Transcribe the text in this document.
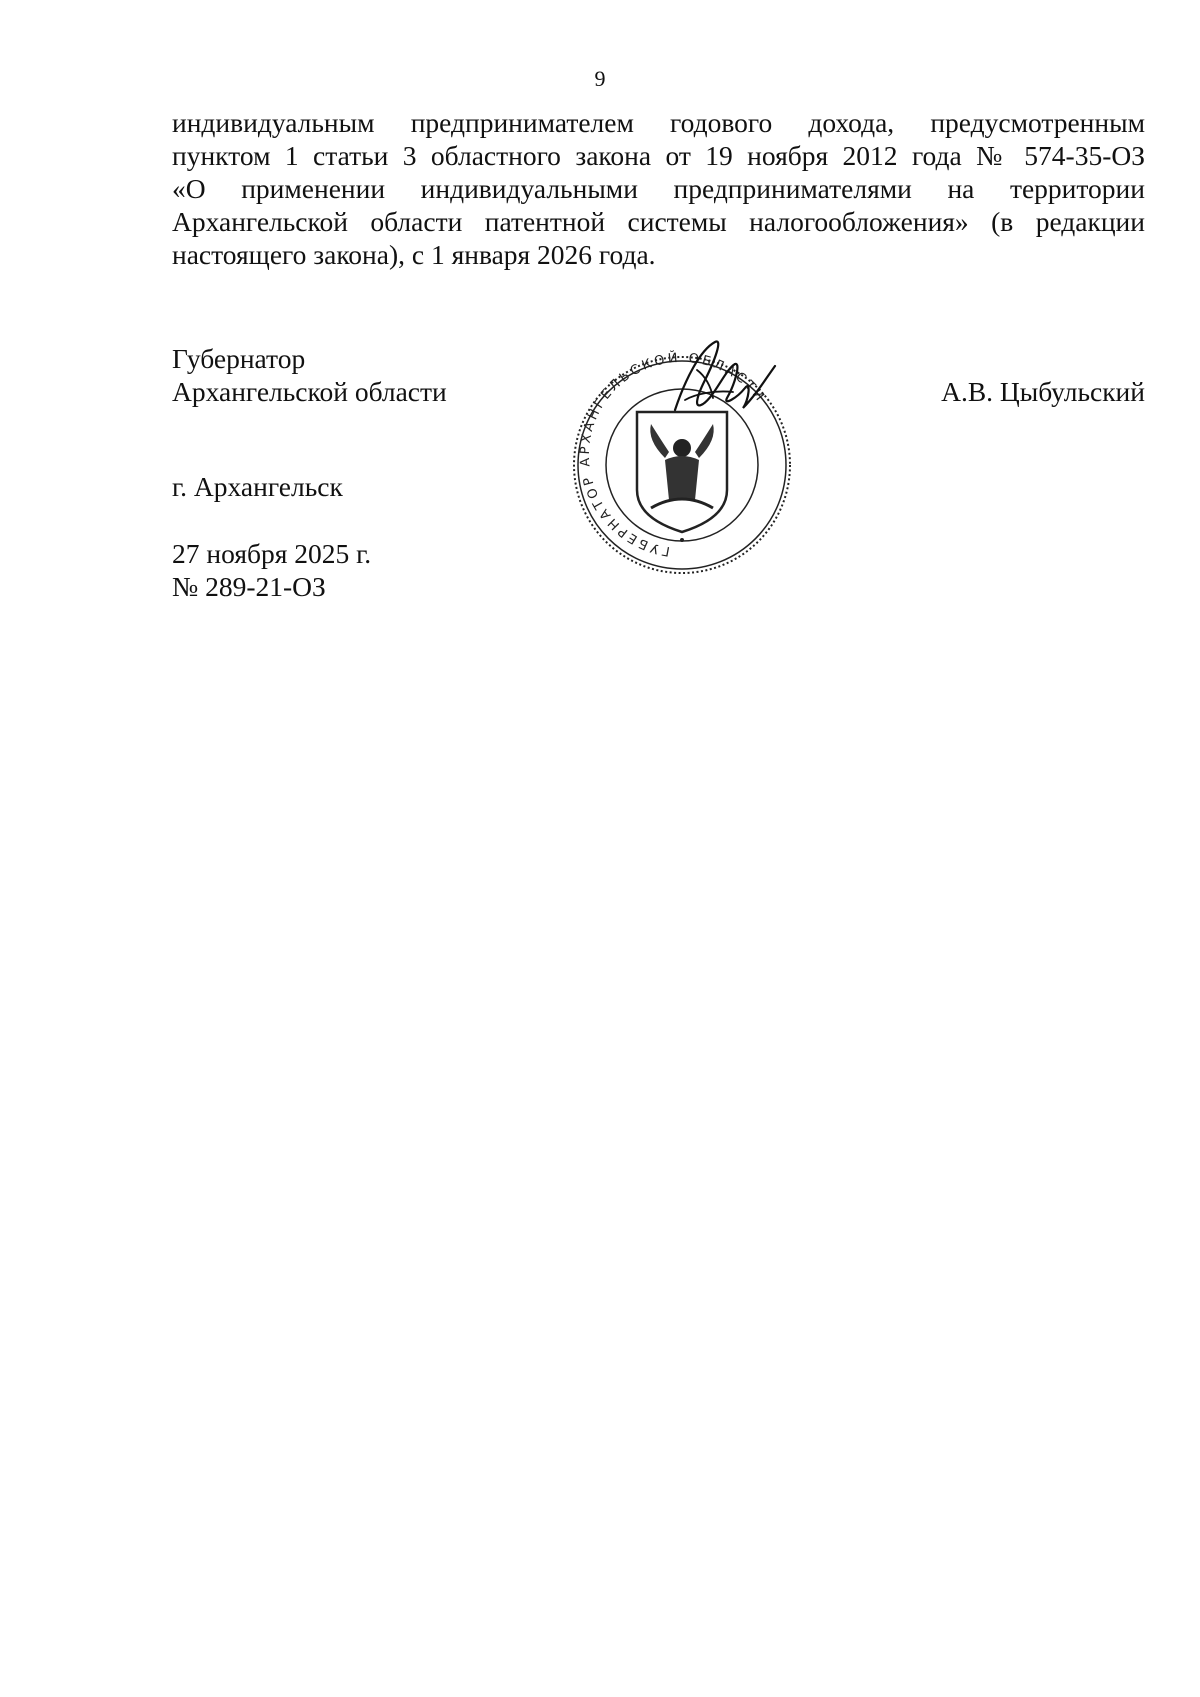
9
индивидуальным предпринимателем годового дохода, предусмотренным
пунктом 1 статьи 3 областного закона от 19 ноября 2012 года № 574-35-ОЗ
«О применении индивидуальными предпринимателями на территории
Архангельской области патентной системы налогообложения» (в редакции
настоящего закона), с 1 января 2026 года.
Губернатор
Архангельской области	А.В. Цыбульский
ГУБЕРНАТОР АРХАНГЕЛЬСКОЙ ОБЛАСТИ
г. Архангельск
27 ноября 2025 г.
№ 289-21-ОЗ
